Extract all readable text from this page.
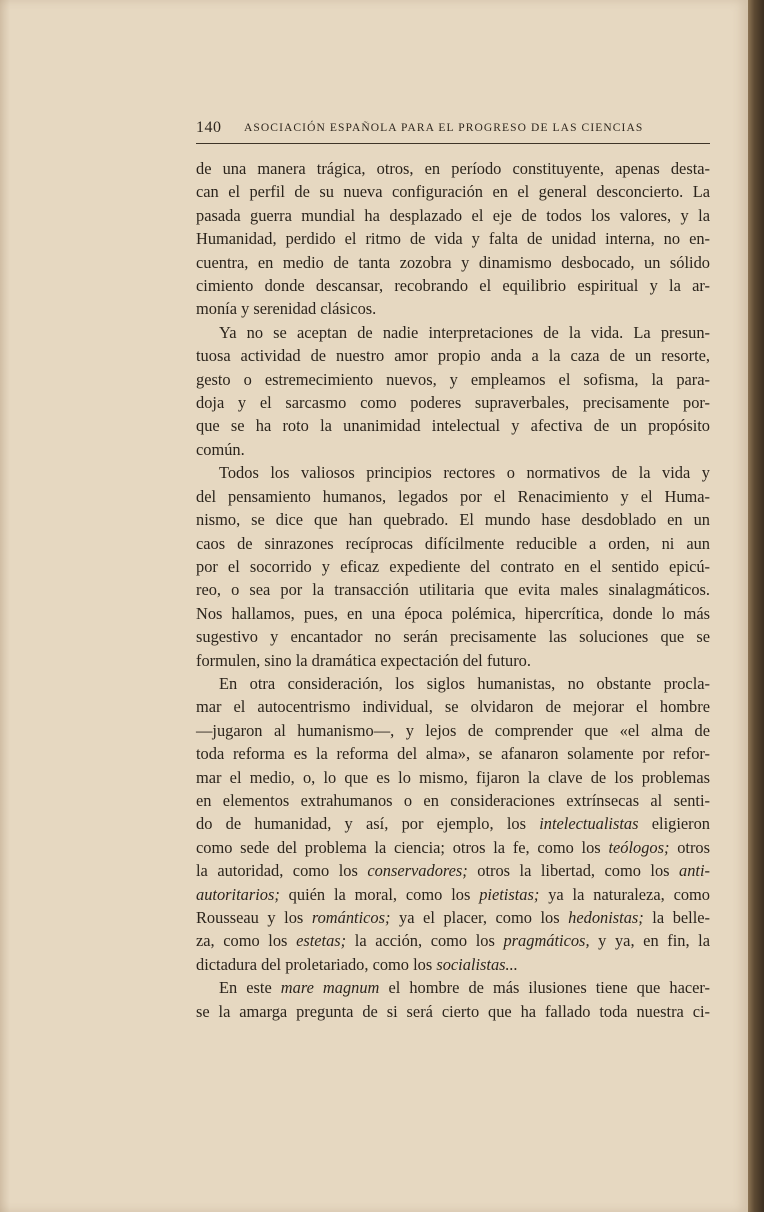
140 ASOCIACIÓN ESPAÑOLA PARA EL PROGRESO DE LAS CIENCIAS

de una manera trágica, otros, en período constituyente, apenas desta-

can el perfil de su nueva configuración en el general desconcierto. La

pasada guerra mundial ha desplazado el eje de todos los valores, y la

Humanidad, perdido el ritmo de vida y falta de unidad interna, no en-

cuentra, en medio de tanta zozobra y dinamismo desbocado, un sólido

cimiento donde descansar, recobrando el equilibrio espiritual y la ar-

monía y serenidad clásicos.

Ya no se aceptan de nadie interpretaciones de la vida. La presun-

tuosa actividad de nuestro amor propio anda a la caza de un resorte,

gesto o estremecimiento nuevos, y empleamos el sofisma, la para-

doja y el sarcasmo como poderes supraverbales, precisamente por-

que se ha roto la unanimidad intelectual y afectiva de un propósito

común.

Todos los valiosos principios rectores o normativos de la vida y

del pensamiento humanos, legados por el Renacimiento y el Huma-

nismo, se dice que han quebrado. El mundo hase desdoblado en un

caos de sinrazones recíprocas difícilmente reducible a orden, ni aun

por el socorrido y eficaz expediente del contrato en el sentido epicú-

reo, o sea por la transacción utilitaria que evita males sinalagmáticos.

Nos hallamos, pues, en una época polémica, hipercrítica, donde lo más

sugestivo y encantador no serán precisamente las soluciones que se

formulen, sino la dramática expectación del futuro.

En otra consideración, los siglos humanistas, no obstante procla-

mar el autocentrismo individual, se olvidaron de mejorar el hombre

—jugaron al humanismo—, y lejos de comprender que «el alma de

toda reforma es la reforma del alma», se afanaron solamente por refor-

mar el medio, o, lo que es lo mismo, fijaron la clave de los problemas

en elementos extrahumanos o en consideraciones extrínsecas al senti-

do de humanidad, y así, por ejemplo, los intelectualistas eligieron

como sede del problema la ciencia; otros la fe, como los teólogos; otros

la autoridad, como los conservadores; otros la libertad, como los anti-

autoritarios; quién la moral, como los pietistas; ya la naturaleza, como

Rousseau y los románticos; ya el placer, como los hedonistas; la belle-

za, como los estetas; la acción, como los pragmáticos, y ya, en fin, la

dictadura del proletariado, como los socialistas...

En este mare magnum el hombre de más ilusiones tiene que hacer-

se la amarga pregunta de si será cierto que ha fallado toda nuestra ci-
